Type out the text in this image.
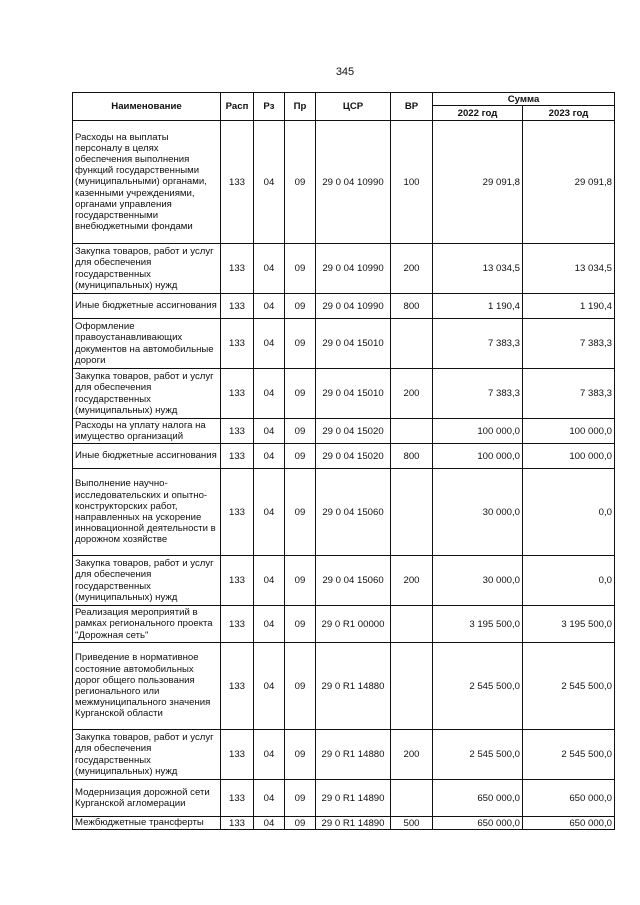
345
Наименование	Расп	Рз	Пр	ЦСР	ВР	Сумма	
						2022 год	2023 год
Расходы на выплаты персоналу в целях обеспечения выполнения функций государственными (муниципальными) органами, казенными учреждениями, органами управления государственными внебюджетными фондами	133	04	09	29 0 04 10990	100	29 091,8	29 091,8
Закупка товаров, работ и услуг для обеспечения государственных (муниципальных) нужд	133	04	09	29 0 04 10990	200	13 034,5	13 034,5
Иные бюджетные ассигнования	133	04	09	29 0 04 10990	800	1 190,4	1 190,4
Оформление правоустанавливающих документов на автомобильные дороги	133	04	09	29 0 04 15010		7 383,3	7 383,3
Закупка товаров, работ и услуг для обеспечения государственных (муниципальных) нужд	133	04	09	29 0 04 15010	200	7 383,3	7 383,3
Расходы на уплату налога на имущество организаций	133	04	09	29 0 04 15020		100 000,0	100 000,0
Иные бюджетные ассигнования	133	04	09	29 0 04 15020	800	100 000,0	100 000,0
Выполнение научно-исследовательских и опытно-конструкторских работ, направленных на ускорение инновационной деятельности в дорожном хозяйстве	133	04	09	29 0 04 15060		30 000,0	0,0
Закупка товаров, работ и услуг для обеспечения государственных (муниципальных) нужд	133	04	09	29 0 04 15060	200	30 000,0	0,0
Реализация мероприятий в рамках регионального проекта "Дорожная сеть"	133	04	09	29 0 R1 00000		3 195 500,0	3 195 500,0
Приведение в нормативное состояние автомобильных дорог общего пользования регионального или межмуниципального значения Курганской области	133	04	09	29 0 R1 14880		2 545 500,0	2 545 500,0
Закупка товаров, работ и услуг для обеспечения государственных (муниципальных) нужд	133	04	09	29 0 R1 14880	200	2 545 500,0	2 545 500,0
Модернизация дорожной сети Курганской агломерации	133	04	09	29 0 R1 14890		650 000,0	650 000,0
Межбюджетные трансферты	133	04	09	29 0 R1 14890	500	650 000,0	650 000,0
